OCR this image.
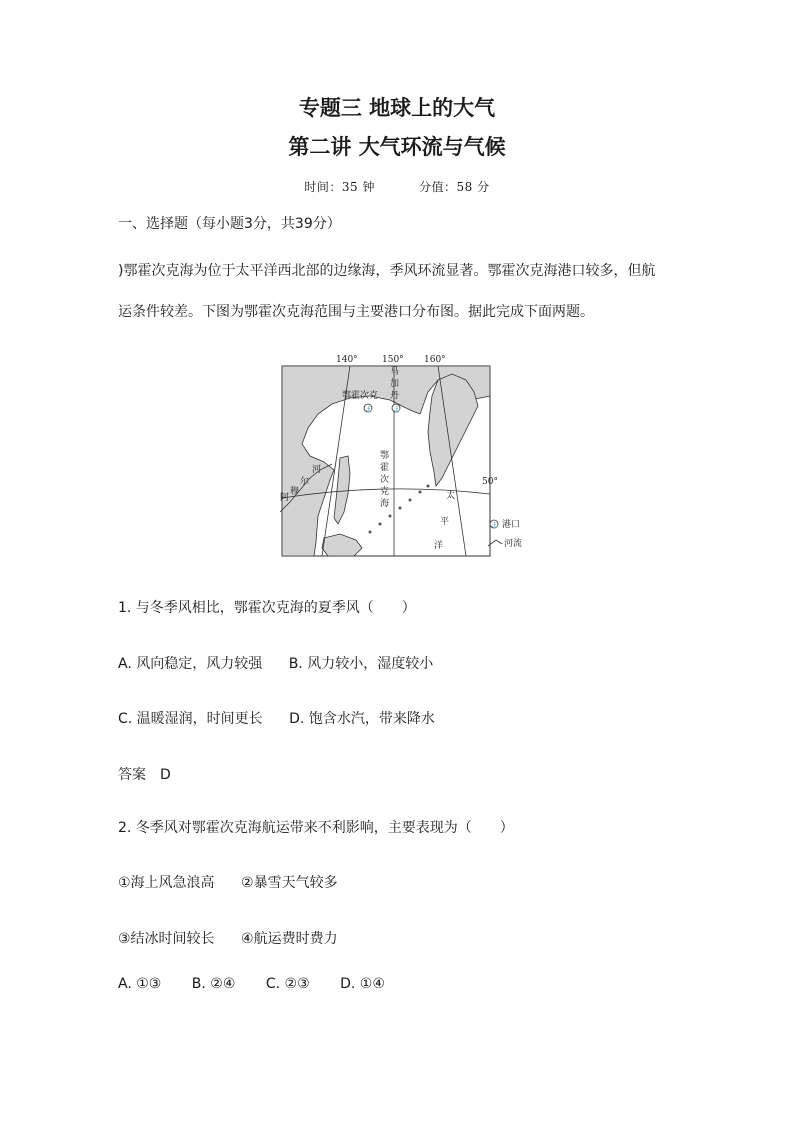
专题三 地球上的大气
第二讲 大气环流与气候
时间：35 钟	分值：58 分
一、选择题（每小题3分，共39分）
)鄂霍次克海为位于太平洋西北部的边缘海，季风环流显著。鄂霍次克海港口较多，但航
运条件较差。下图为鄂霍次克海范围与主要港口分布图。据此完成下面两题。
140°	150° 160°
50°
鄂霍次克
⚓	⚓
马
加
丹
鄂
霍
次
克
海
河
尔
阿
穆	太
平
洋
⚓ 港口
河流
1. 与冬季风相比，鄂霍次克海的夏季风（　　）
A. 风向稳定，风力较强 B. 风力较小，湿度较小
C. 温暖湿润，时间更长 D. 饱含水汽，带来降水
答案　D
2. 冬季风对鄂霍次克海航运带来不利影响，主要表现为（　　）
①海上风急浪高 ②暴雪天气较多
③结冰时间较长 ④航运费时费力
A. ①③ B. ②④ C. ②③ D. ①④
